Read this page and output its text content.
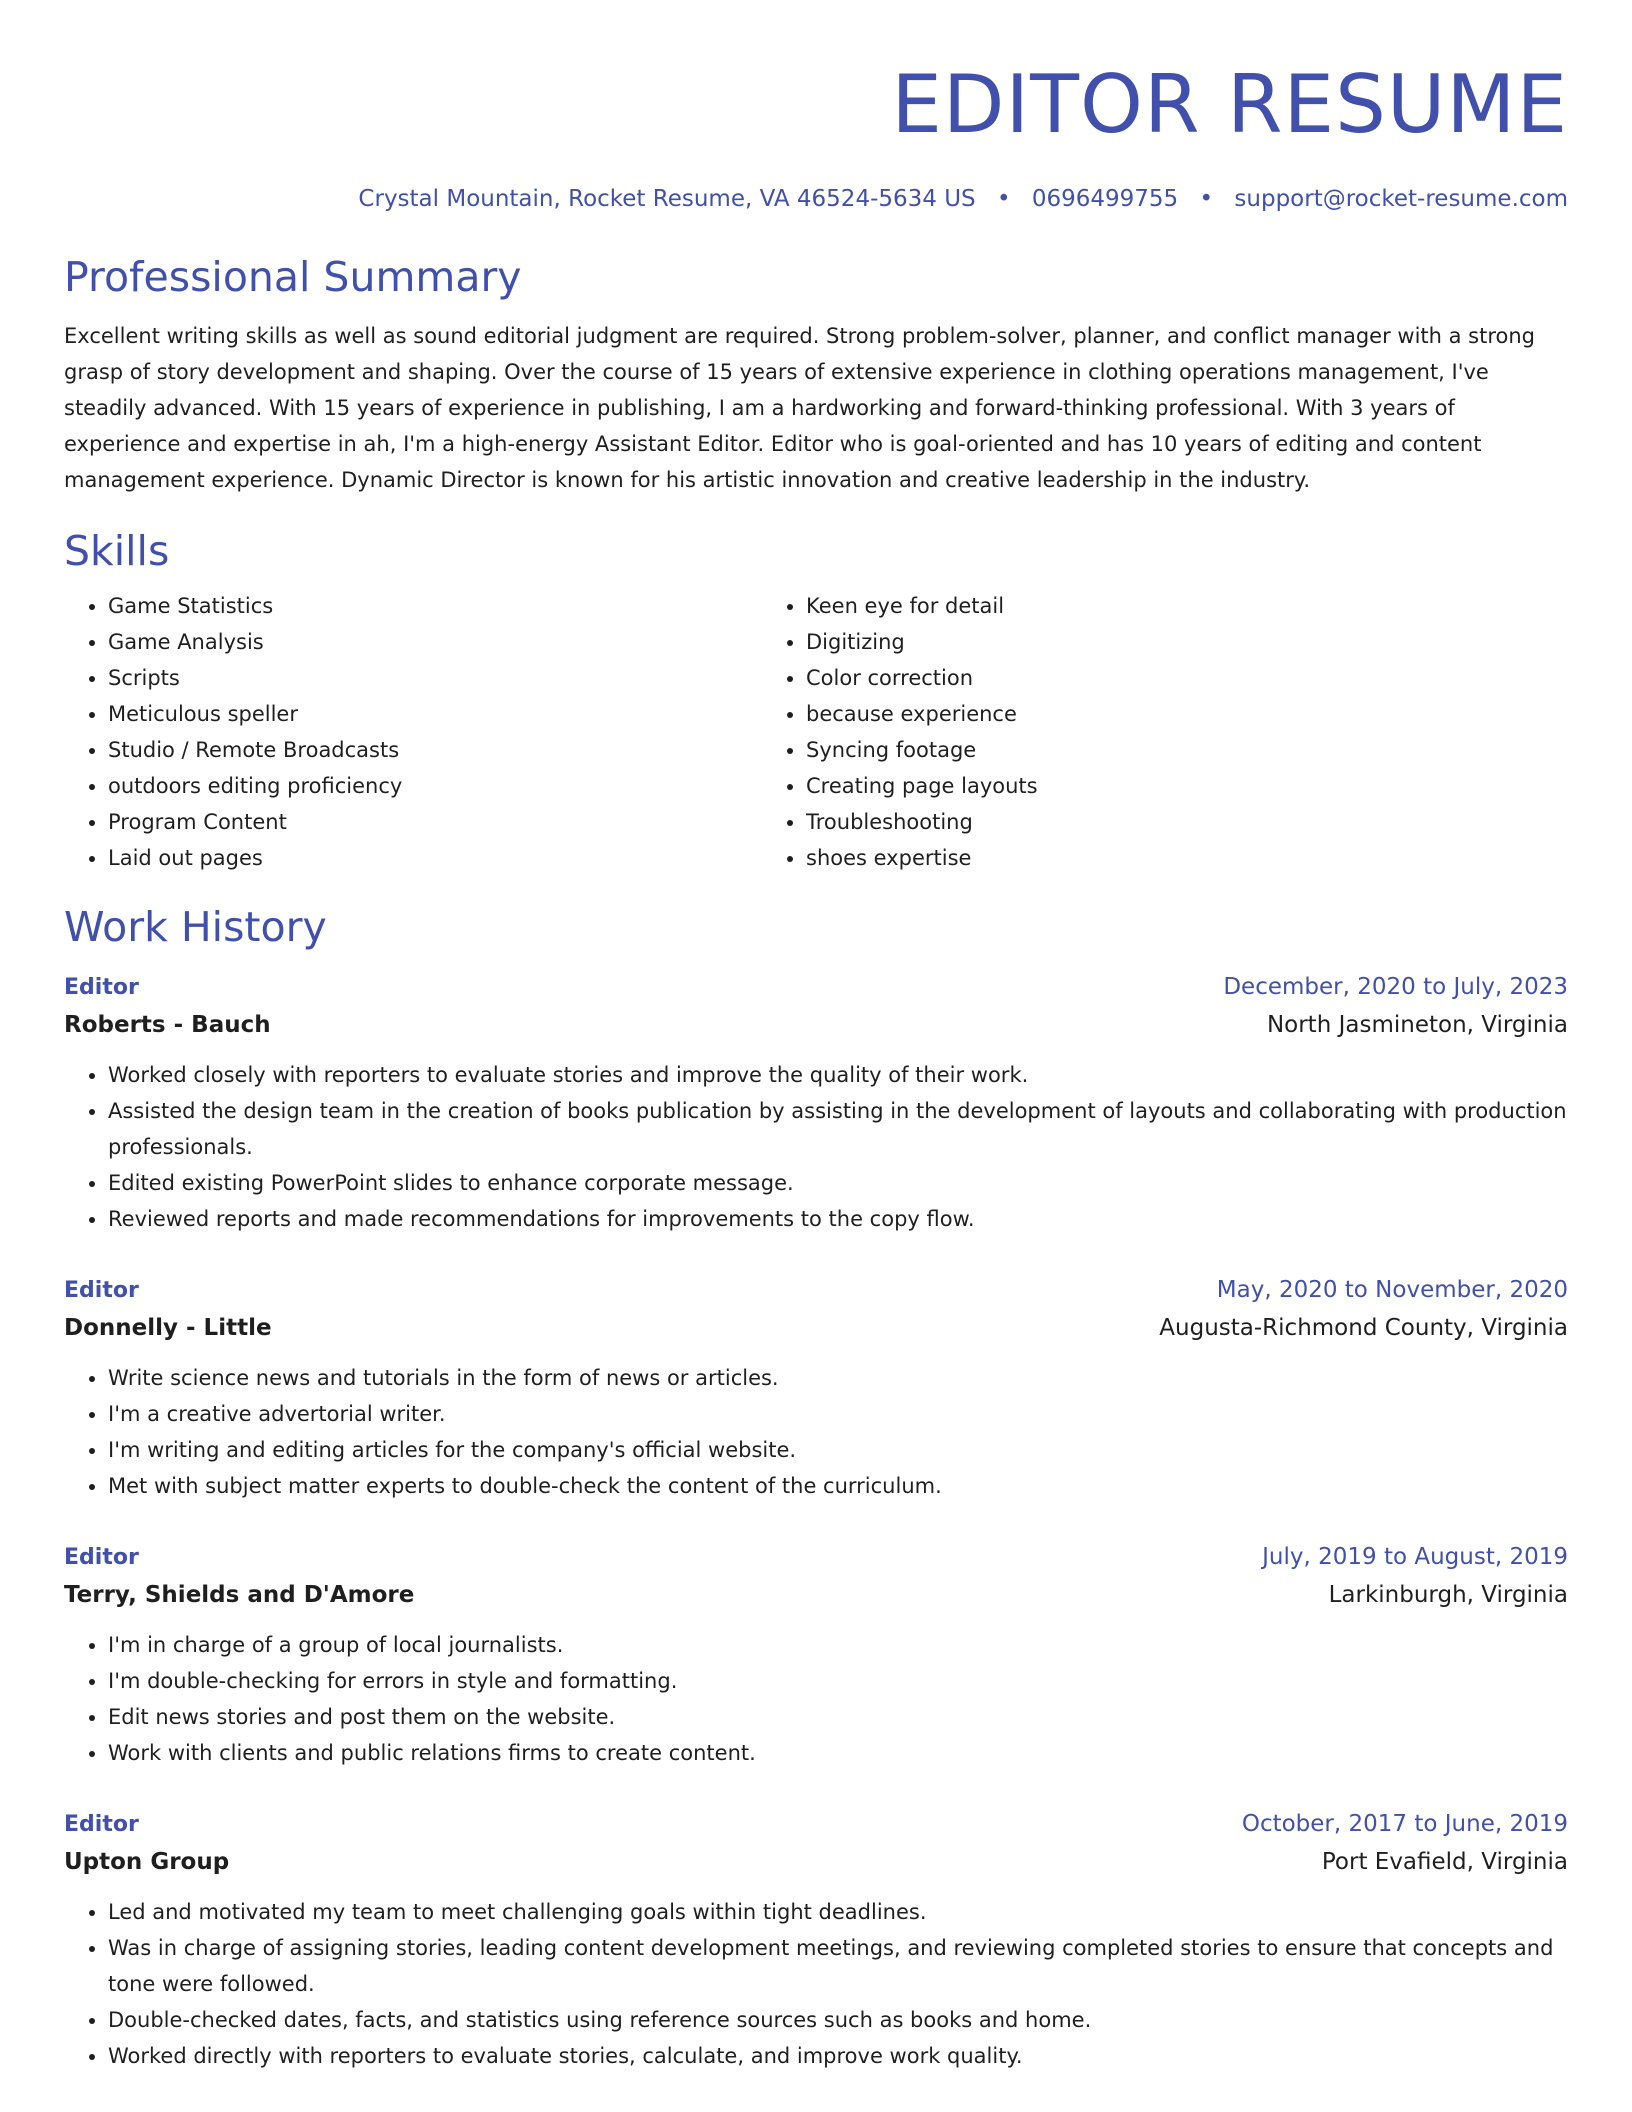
EDITOR RESUME
Crystal Mountain, Rocket Resume, VA 46524-5634 US • 0696499755 • support@rocket-resume.com
Professional Summary

Excellent writing skills as well as sound editorial judgment are required. Strong problem-solver, planner, and conflict manager with a strong grasp of story development and shaping. Over the course of 15 years of extensive experience in clothing operations management, I've steadily advanced. With 15 years of experience in publishing, I am a hardworking and forward-thinking professional. With 3 years of experience and expertise in ah, I'm a high-energy Assistant Editor. Editor who is goal-oriented and has 10 years of editing and content management experience. Dynamic Director is known for his artistic innovation and creative leadership in the industry.

Skills
• Game Statistics
• Game Analysis
• Scripts
• Meticulous speller
• Studio / Remote Broadcasts
• outdoors editing proficiency
• Program Content
• Laid out pages
• Keen eye for detail
• Digitizing
• Color correction
• because experience
• Syncing footage
• Creating page layouts
• Troubleshooting
• shoes expertise
Work History
Editor	December, 2020 to July, 2023
Roberts - Bauch	North Jasmineton, Virginia
• Worked closely with reporters to evaluate stories and improve the quality of their work.
• Assisted the design team in the creation of books publication by assisting in the development of layouts and collaborating with production professionals.
• Edited existing PowerPoint slides to enhance corporate message.
• Reviewed reports and made recommendations for improvements to the copy flow.
Editor	May, 2020 to November, 2020
Donnelly - Little	Augusta-Richmond County, Virginia
• Write science news and tutorials in the form of news or articles.
• I'm a creative advertorial writer.
• I'm writing and editing articles for the company's official website.
• Met with subject matter experts to double-check the content of the curriculum.
Editor	July, 2019 to August, 2019
Terry, Shields and D'Amore	Larkinburgh, Virginia
• I'm in charge of a group of local journalists.
• I'm double-checking for errors in style and formatting.
• Edit news stories and post them on the website.
• Work with clients and public relations firms to create content.
Editor	October, 2017 to June, 2019
Upton Group	Port Evafield, Virginia
• Led and motivated my team to meet challenging goals within tight deadlines.
• Was in charge of assigning stories, leading content development meetings, and reviewing completed stories to ensure that concepts and tone were followed.
• Double-checked dates, facts, and statistics using reference sources such as books and home.
• Worked directly with reporters to evaluate stories, calculate, and improve work quality.
